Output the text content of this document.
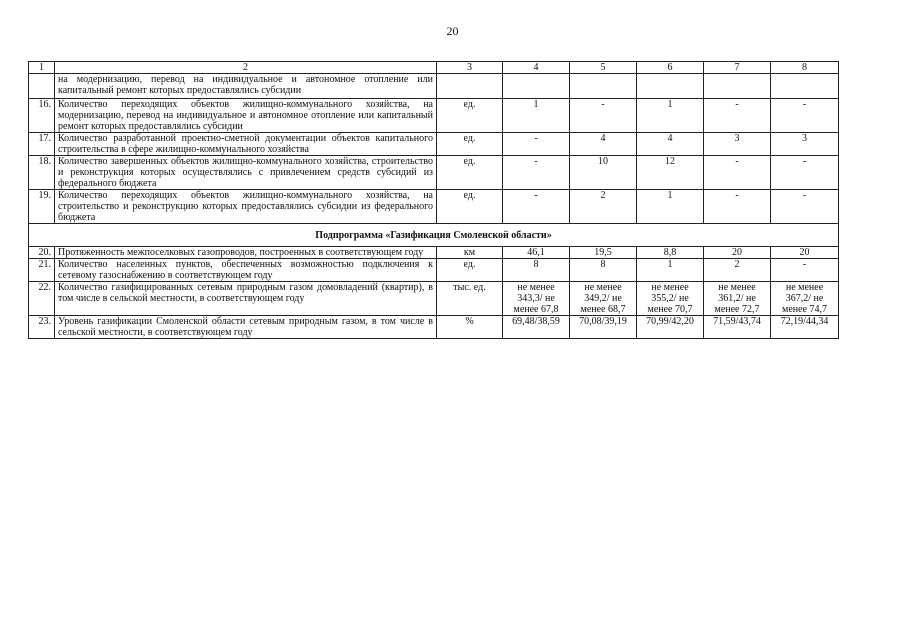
20
1	2	3	4	5	6	7	8
	на модернизацию, перевод на индивидуальное и автономное отопление или капитальный ремонт которых предоставлялись субсидии						
16.	Количество переходящих объектов жилищно-коммунального хозяйства, на модернизацию, перевод на индивидуальное и автономное отопление или капитальный ремонт которых предоставлялись субсидии	ед.	1	-	1	-	-
17.	Количество разработанной проектно-сметной документации объектов капитального строительства в сфере жилищно-коммунального хозяйства	ед.	-	4	4	3	3
18.	Количество завершенных объектов жилищно-коммунального хозяйства, строительство и реконструкция которых осуществлялись с привлечением средств субсидий из федерального бюджета	ед.	-	10	12	-	-
19.	Количество переходящих объектов жилищно-коммунального хозяйства, на строительство и реконструкцию которых предоставлялись субсидии из федерального бюджета	ед.	-	2	1	-	-
Подпрограмма «Газификация Смоленской области»							
20.	Протяженность межпоселковых газопроводов, построенных в соответствующем году	км	46,1	19,5	8,8	20	20
21.	Количество населенных пунктов, обеспеченных возможностью подключения к сетевому газоснабжению в соответствующем году	ед.	8	8	1	2	-
22.	Количество газифицированных сетевым природным газом домовладений (квартир), в том числе в сельской местности, в соответствующем году	тыс. ед.	не менее 343,3/ не менее 67,8	не менее 349,2/ не менее 68,7	не менее 355,2/ не менее 70,7	не менее 361,2/ не менее 72,7	не менее 367,2/ не менее 74,7
23.	Уровень газификации Смоленской области сетевым природным газом, в том числе в сельской местности, в соответствующем году	%	69,48/38,59	70,08/39,19	70,99/42,20	71,59/43,74	72,19/44,34
